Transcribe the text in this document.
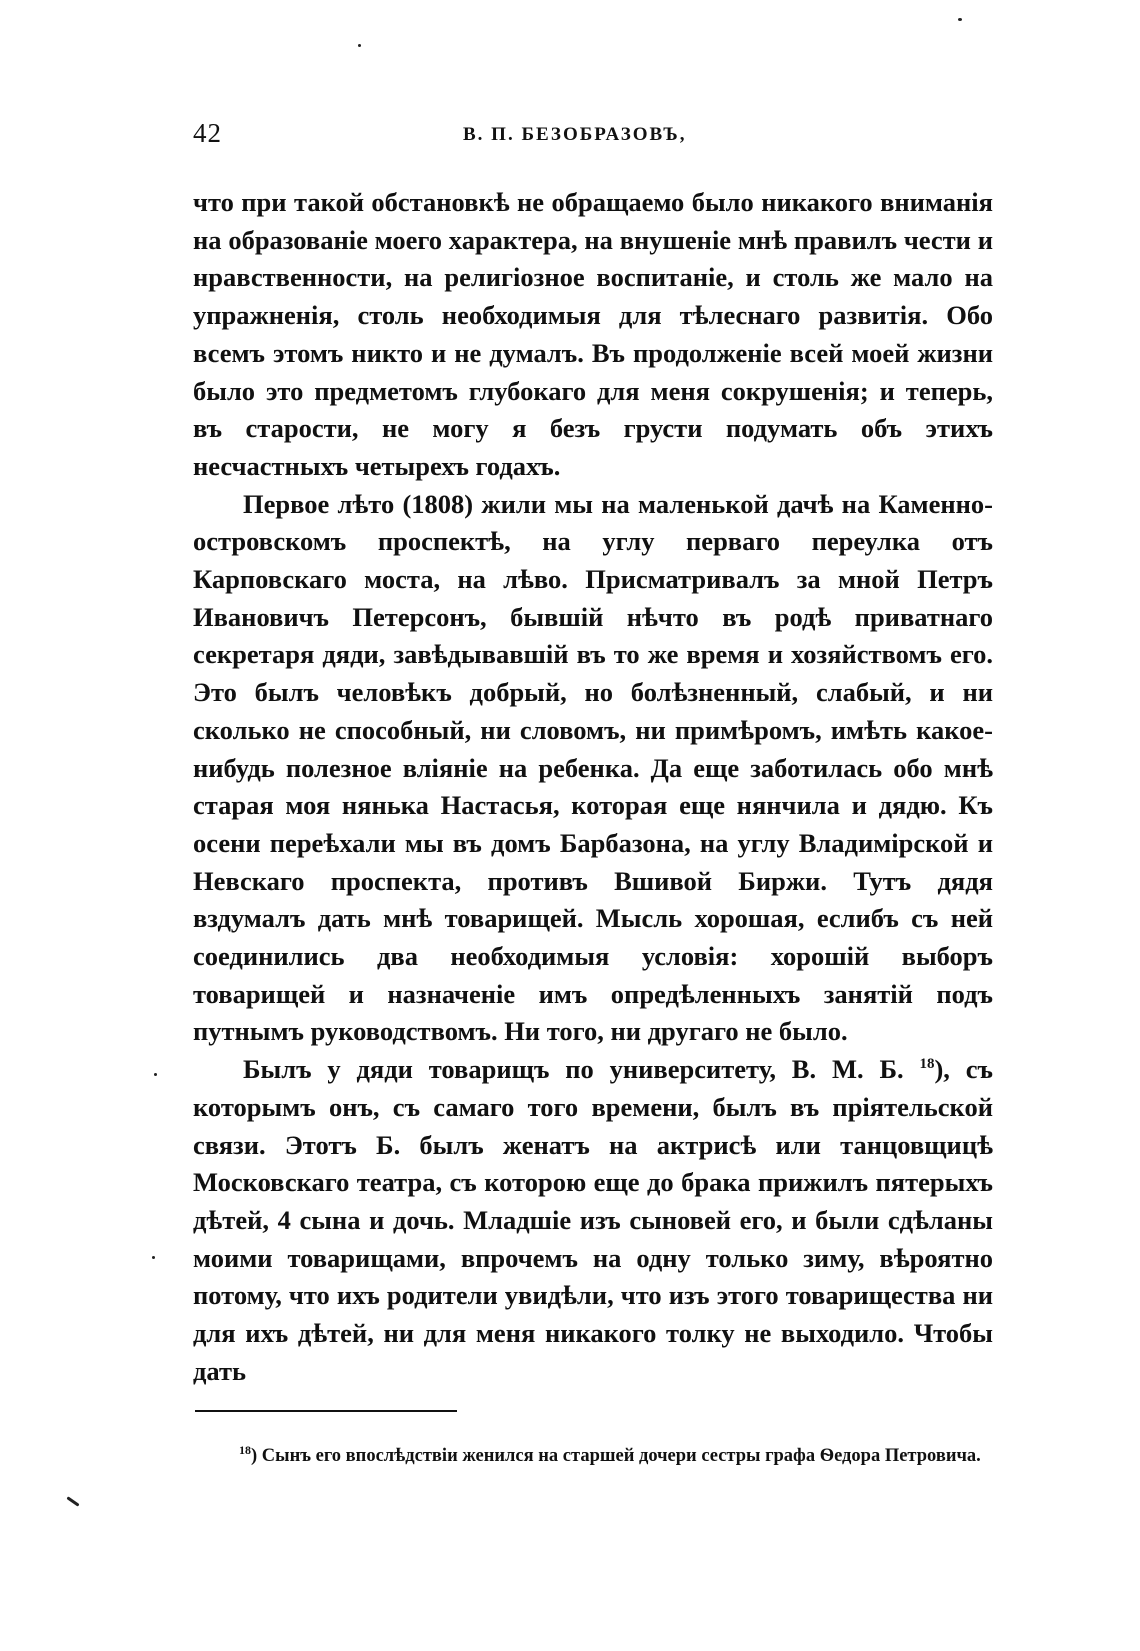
42	В. П. БЕЗОБРАЗОВЪ,

что при такой обстановкѣ не обращаемо было никакого вниманія на образованіе моего характера, на внушеніе мнѣ правилъ чести и нравственности, на религіозное воспитаніе, и столь же мало на упражненія, столь необходимыя для тѣлеснаго развитія. Обо всемъ этомъ никто и не думалъ. Въ продолженіе всей моей жизни было это предметомъ глубокаго для меня сокрушенія; и теперь, въ старости, не могу я безъ грусти подумать объ этихъ несчастныхъ четырехъ годахъ.

Первое лѣто (1808) жили мы на маленькой дачѣ на Каменно-островскомъ проспектѣ, на углу перваго переулка отъ Карповскаго моста, на лѣво. Присматривалъ за мной Петръ Ивановичъ Петерсонъ, бывшій нѣчто въ родѣ приватнаго секретаря дяди, завѣдывавшій въ то же время и хозяйствомъ его. Это былъ человѣкъ добрый, но болѣзненный, слабый, и ни сколько не способный, ни словомъ, ни примѣромъ, имѣть какое-нибудь полезное вліяніе на ребенка. Да еще заботилась обо мнѣ старая моя нянька Настасья, которая еще нянчила и дядю. Къ осени переѣхали мы въ домъ Барбазона, на углу Владимірской и Невскаго проспекта, противъ Вшивой Биржи. Тутъ дядя вздумалъ дать мнѣ товарищей. Мысль хорошая, еслибъ съ ней соединились два необходимыя условія: хорошій выборъ товарищей и назначеніе имъ опредѣленныхъ занятій подъ путнымъ руководствомъ. Ни того, ни другаго не было.

Былъ у дяди товарищъ по университету, В. М. Б. $^{18}$), съ которымъ онъ, съ самаго того времени, былъ въ пріятельской связи. Этотъ Б. былъ женатъ на актрисѣ или танцовщицѣ Московскаго театра, съ которою еще до брака прижилъ пятерыхъ дѣтей, 4 сына и дочь. Младшіе изъ сыновей его, и были сдѣланы моими товарищами, впрочемъ на одну только зиму, вѣроятно потому, что ихъ родители увидѣли, что изъ этого товарищества ни для ихъ дѣтей, ни для меня никакого толку не выходило. Чтобы дать

$^{18}$) Сынъ его впослѣдствіи женился на старшей дочери сестры графа Ѳедора Петровича.
